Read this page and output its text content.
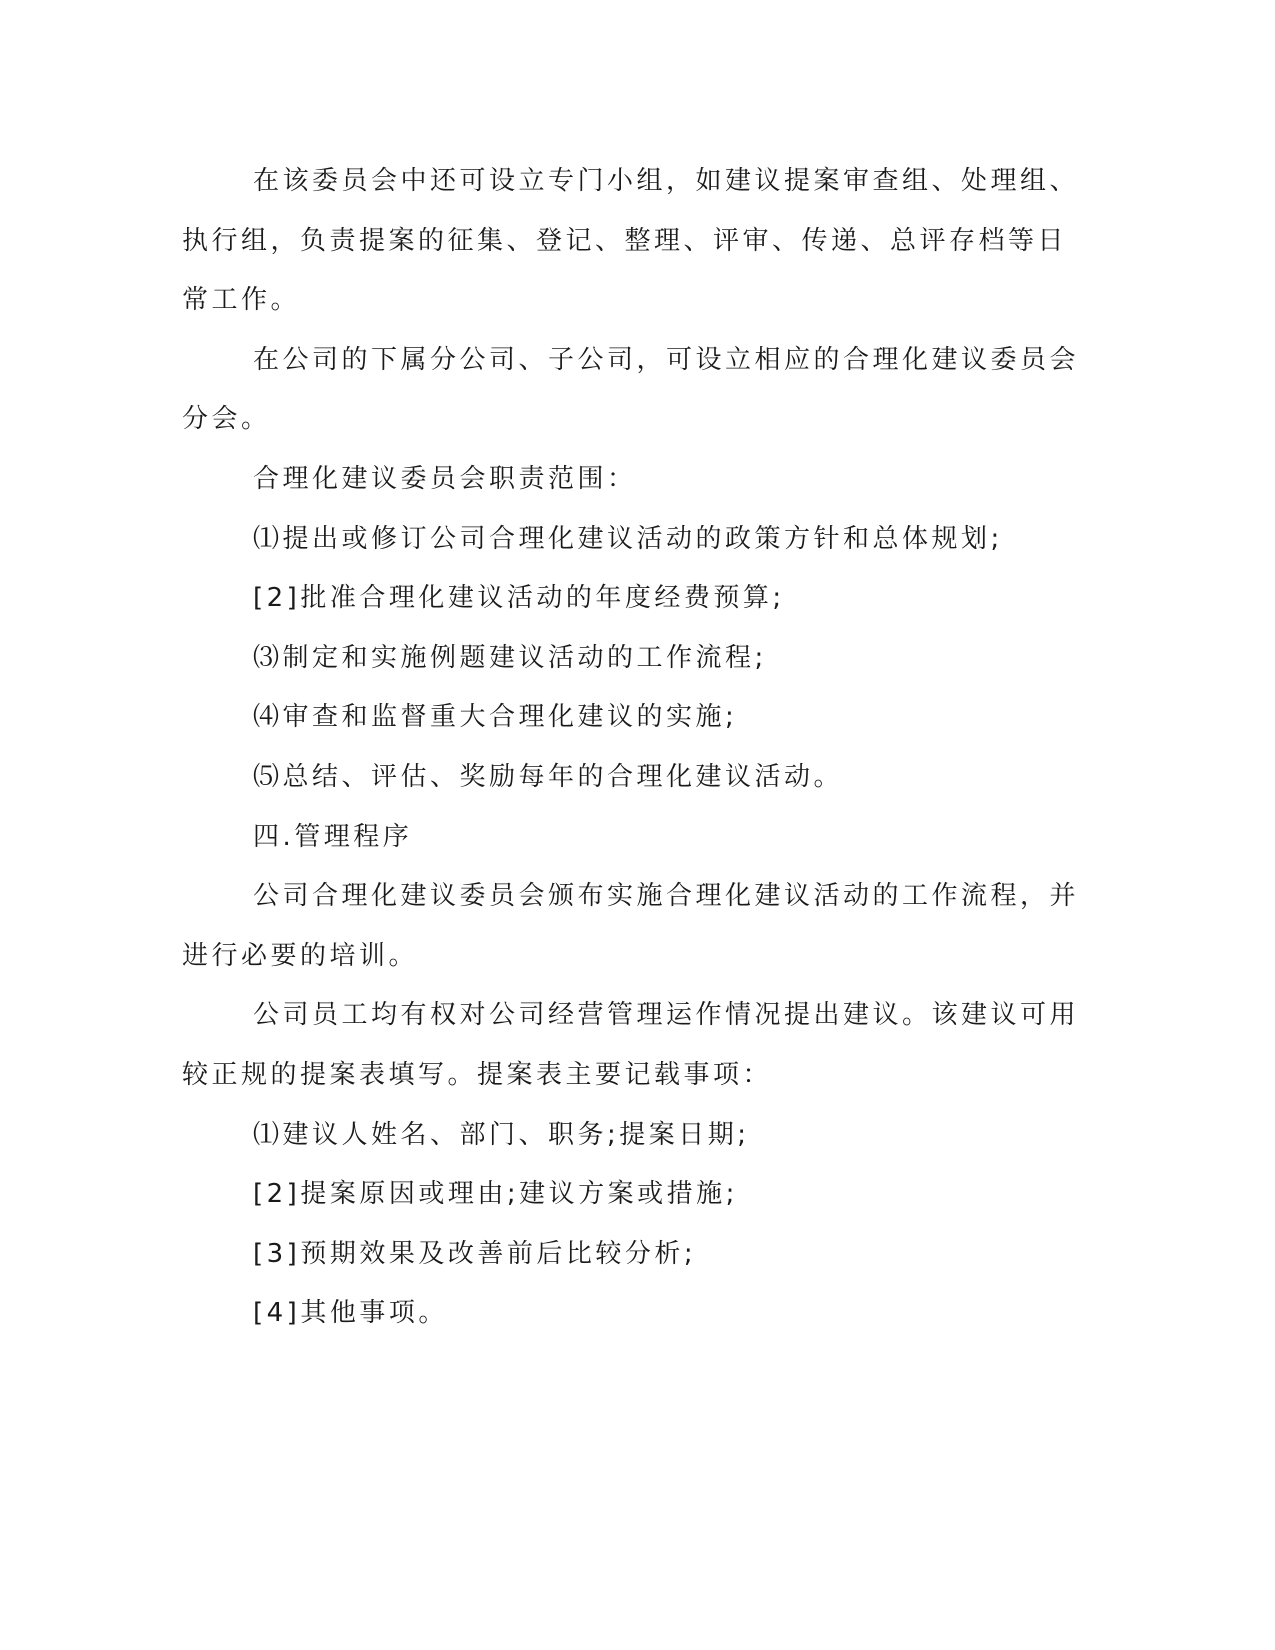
在该委员会中还可设立专门小组，如建议提案审查组、处理组、

执行组，负责提案的征集、登记、整理、评审、传递、总评存档等日

常工作。

在公司的下属分公司、子公司，可设立相应的合理化建议委员会

分会。

合理化建议委员会职责范围：

⑴提出或修订公司合理化建议活动的政策方针和总体规划;

[2]批准合理化建议活动的年度经费预算;

⑶制定和实施例题建议活动的工作流程;

⑷审查和监督重大合理化建议的实施;

⑸总结、评估、奖励每年的合理化建议活动。

四.管理程序

公司合理化建议委员会颁布实施合理化建议活动的工作流程，并

进行必要的培训。

公司员工均有权对公司经营管理运作情况提出建议。该建议可用

较正规的提案表填写。提案表主要记载事项：

⑴建议人姓名、部门、职务;提案日期;

[2]提案原因或理由;建议方案或措施;

[3]预期效果及改善前后比较分析;

[4]其他事项。
